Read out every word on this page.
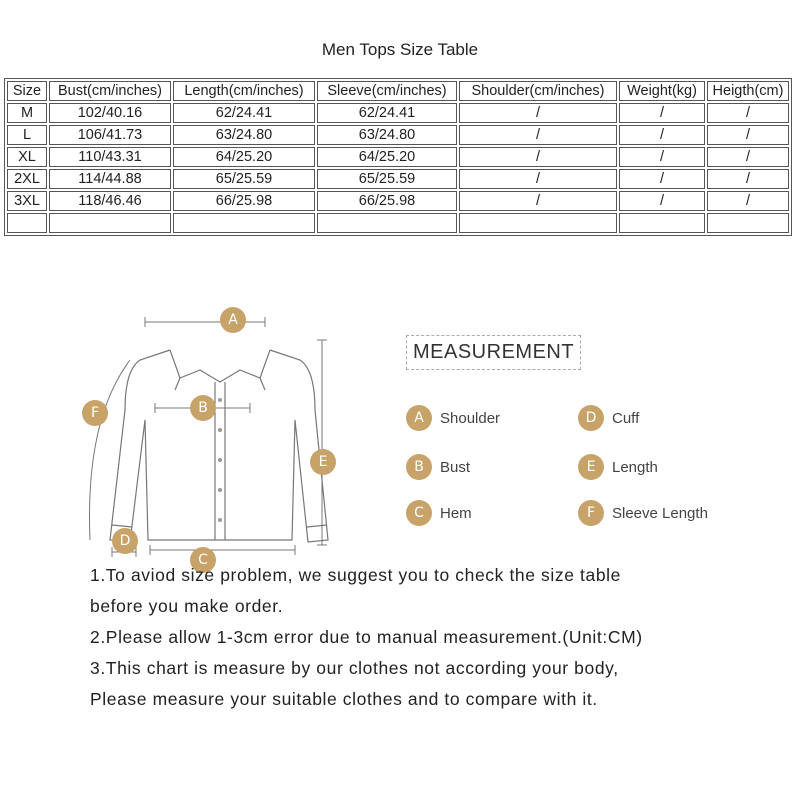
Men Tops Size Table
Size	Bust(cm/inches)	Length(cm/inches)	Sleeve(cm/inches)	Shoulder(cm/inches)	Weight(kg)	Heigth(cm)
M	102/40.16	62/24.41	62/24.41	/	/	/
L	106/41.73	63/24.80	63/24.80	/	/	/
XL	110/43.31	64/25.20	64/25.20	/	/	/
2XL	114/44.88	65/25.59	65/25.59	/	/	/
3XL	118/46.46	66/25.98	66/25.98	/	/	/

A
B
C
D
E
F
MEASUREMENT
A	Shoulder
B	Bust
C	Hem
D	Cuff
E	Length
F	Sleeve Length

1.To aviod size problem, we suggest you to check the size table

before you make order.

2.Please allow 1-3cm error due to manual measurement.(Unit:CM)

3.This chart is measure by our clothes not according your body,

Please measure your suitable clothes and to compare with it.
